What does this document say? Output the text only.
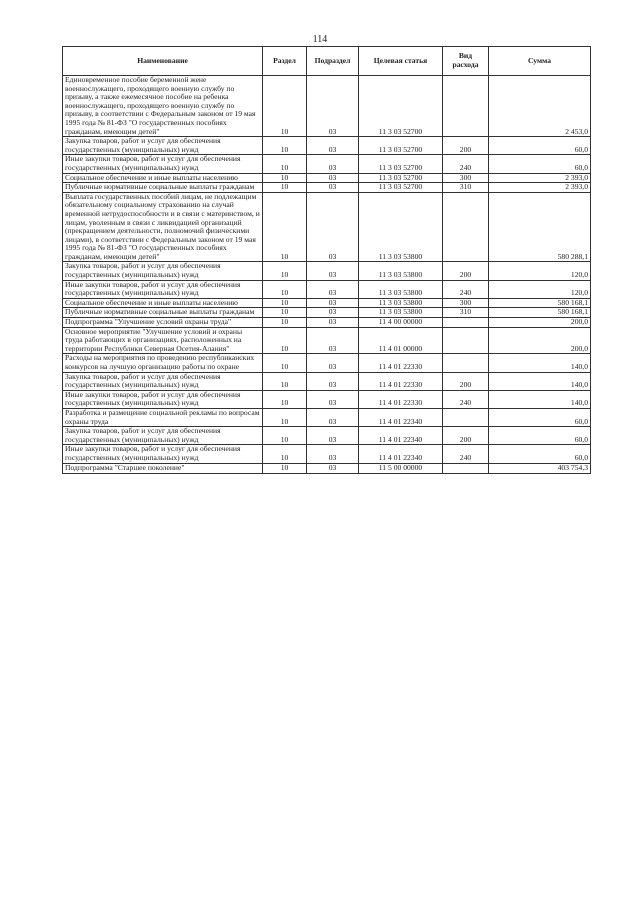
114
Наименование	Раздел	Подраздел	Целевая статья	Вид расхода	Сумма
Единовременное пособие беременной жене военнослужащего, проходящего военную службу по призыву, а также ежемесячное пособие на ребенка военнослужащего, проходящего военную службу по призыву, в соответствии с Федеральным законом от 19 мая 1995 года № 81-ФЗ "О государственных пособиях гражданам, имеющим детей"	10	03	11 3 03 52700		2 453,0
Закупка товаров, работ и услуг для обеспечения государственных (муниципальных) нужд	10	03	11 3 03 52700	200	60,0
Иные закупки товаров, работ и услуг для обеспечения государственных (муниципальных) нужд	10	03	11 3 03 52700	240	60,0
Социальное обеспечение и иные выплаты населению	10	03	11 3 03 52700	300	2 393,0
Публичные нормативные социальные выплаты гражданам	10	03	11 3 03 52700	310	2 393,0
Выплата государственных пособий лицам, не подлежащим обязательному социальному страхованию на случай временной нетрудоспособности и в связи с материнством, и лицам, уволенным в связи с ликвидацией организаций (прекращением деятельности, полномочий физическими лицами), в соответствии с Федеральным законом от 19 мая 1995 года № 81-ФЗ "О государственных пособиях гражданам, имеющим детей"	10	03	11 3 03 53800		580 288,1
Закупка товаров, работ и услуг для обеспечения государственных (муниципальных) нужд	10	03	11 3 03 53800	200	120,0
Иные закупки товаров, работ и услуг для обеспечения государственных (муниципальных) нужд	10	03	11 3 03 53800	240	120,0
Социальное обеспечение и иные выплаты населению	10	03	11 3 03 53800	300	580 168,1
Публичные нормативные социальные выплаты гражданам	10	03	11 3 03 53800	310	580 168,1
Подпрограмма "Улучшение условий охраны труда"	10	03	11 4 00 00000		200,0
Основное мероприятие "Улучшение условий и охраны труда работающих в организациях, расположенных на территории Республики Северная Осетия-Алания"	10	03	11 4 01 00000		200,0
Расходы на мероприятия по проведению республиканских конкурсов на лучшую организацию работы по охране	10	03	11 4 01 22330		140,0
Закупка товаров, работ и услуг для обеспечения государственных (муниципальных) нужд	10	03	11 4 01 22330	200	140,0
Иные закупки товаров, работ и услуг для обеспечения государственных (муниципальных) нужд	10	03	11 4 01 22330	240	140,0
Разработка и размещение социальной рекламы по вопросам охраны труда	10	03	11 4 01 22340		60,0
Закупка товаров, работ и услуг для обеспечения государственных (муниципальных) нужд	10	03	11 4 01 22340	200	60,0
Иные закупки товаров, работ и услуг для обеспечения государственных (муниципальных) нужд	10	03	11 4 01 22340	240	60,0
Подпрограмма "Старшее поколение"	10	03	11 5 00 00000		403 754,3
